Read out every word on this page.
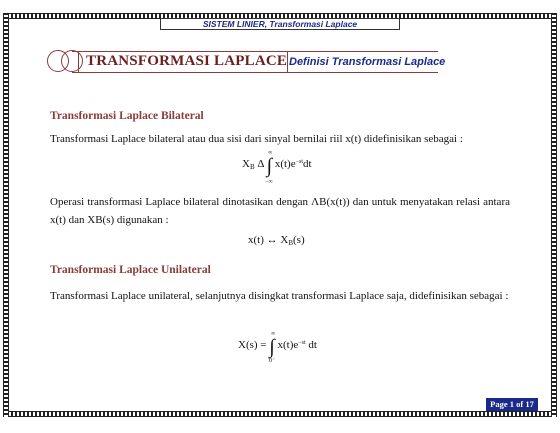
SISTEM LINIER, Transformasi Laplace
TRANSFORMASI LAPLACE Definisi Transformasi Laplace
Transformasi Laplace Bilateral
Transformasi Laplace bilateral atau dua sisi dari sinyal bernilai riil x(t) didefinisikan sebagai :
$X_B$ Δ ∫ $x(t)e^{-st}dt$
∞
−∞
Operasi transformasi Laplace bilateral dinotasikan dengan ΛB(x(t)) dan untuk menyatakan relasi antara x(t) dan XB(s) digunakan :
x(t) ↔ $X_B(s)$
Transformasi Laplace Unilateral
Transformasi Laplace unilateral, selanjutnya disingkat transformasi Laplace saja, didefinisikan sebagai :
X(s) = ∫ $x(t)e^{-st}$ dt
∞
0⁻
Page 1 of 17
